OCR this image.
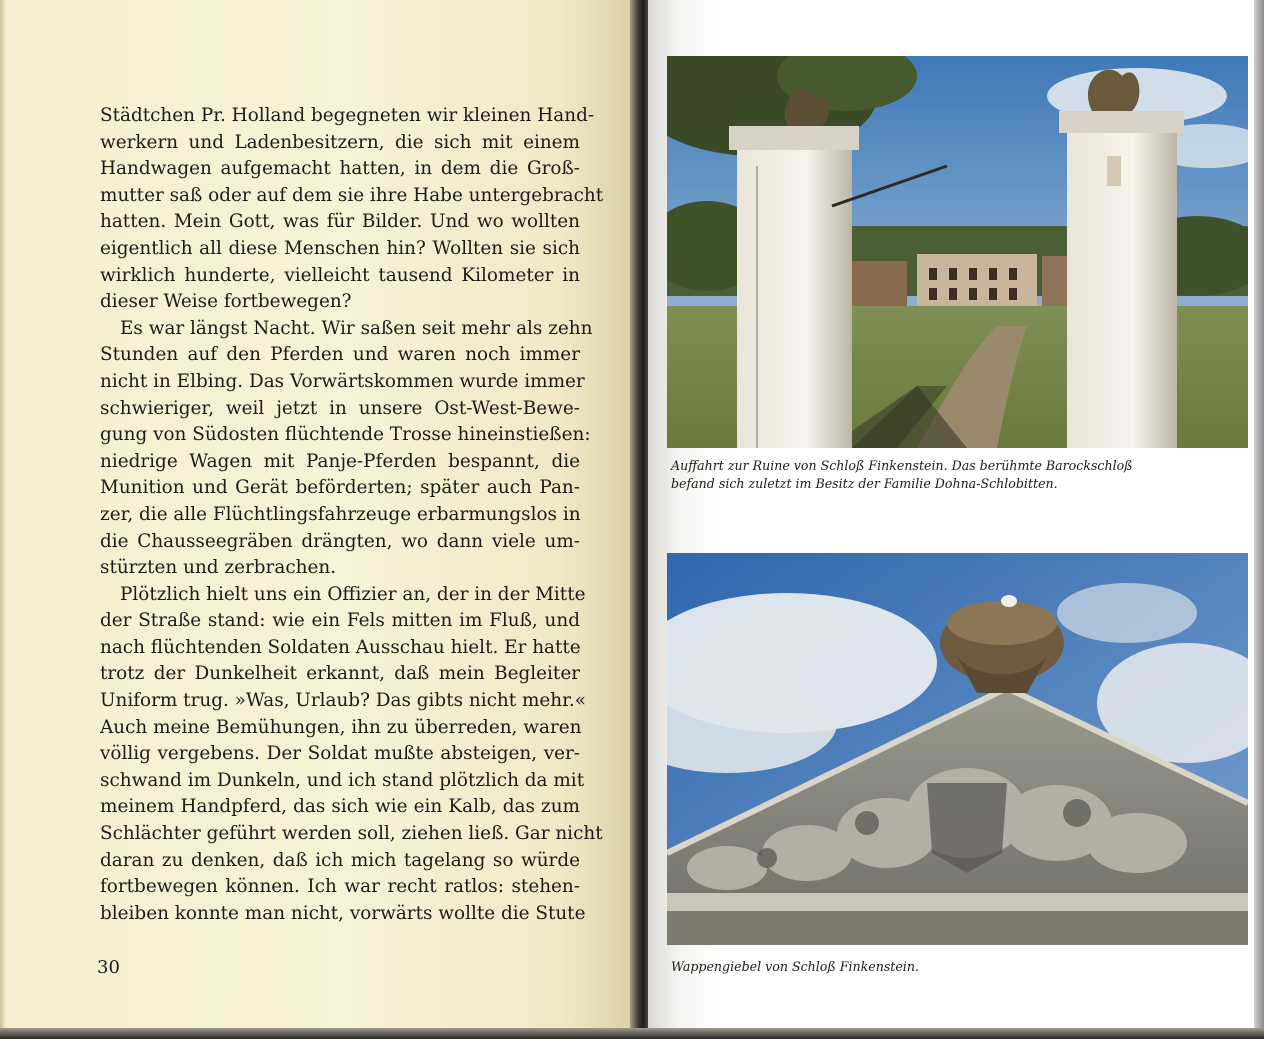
Städtchen Pr. Holland begegneten wir kleinen Hand-
werkern und Ladenbesitzern, die sich mit einem
Handwagen aufgemacht hatten, in dem die Groß-
mutter saß oder auf dem sie ihre Habe untergebracht
hatten. Mein Gott, was für Bilder. Und wo wollten
eigentlich all diese Menschen hin? Wollten sie sich
wirklich hunderte, vielleicht tausend Kilometer in
dieser Weise fortbewegen?
Es war längst Nacht. Wir saßen seit mehr als zehn
Stunden auf den Pferden und waren noch immer
nicht in Elbing. Das Vorwärtskommen wurde immer
schwieriger, weil jetzt in unsere Ost-West-Bewe-
gung von Südosten flüchtende Trosse hineinstießen:
niedrige Wagen mit Panje-Pferden bespannt, die
Munition und Gerät beförderten; später auch Pan-
zer, die alle Flüchtlingsfahrzeuge erbarmungslos in
die Chausseegräben drängten, wo dann viele um-
stürzten und zerbrachen.
Plötzlich hielt uns ein Offizier an, der in der Mitte
der Straße stand: wie ein Fels mitten im Fluß, und
nach flüchtenden Soldaten Ausschau hielt. Er hatte
trotz der Dunkelheit erkannt, daß mein Begleiter
Uniform trug. »Was, Urlaub? Das gibts nicht mehr.«
Auch meine Bemühungen, ihn zu überreden, waren
völlig vergebens. Der Soldat mußte absteigen, ver-
schwand im Dunkeln, und ich stand plötzlich da mit
meinem Handpferd, das sich wie ein Kalb, das zum
Schlächter geführt werden soll, ziehen ließ. Gar nicht
daran zu denken, daß ich mich tagelang so würde
fortbewegen können. Ich war recht ratlos: stehen-
bleiben konnte man nicht, vorwärts wollte die Stute
30
Auffahrt zur Ruine von Schloß Finkenstein. Das berühmte Barockschloß
befand sich zuletzt im Besitz der Familie Dohna-Schlobitten.
Wappengiebel von Schloß Finkenstein.
